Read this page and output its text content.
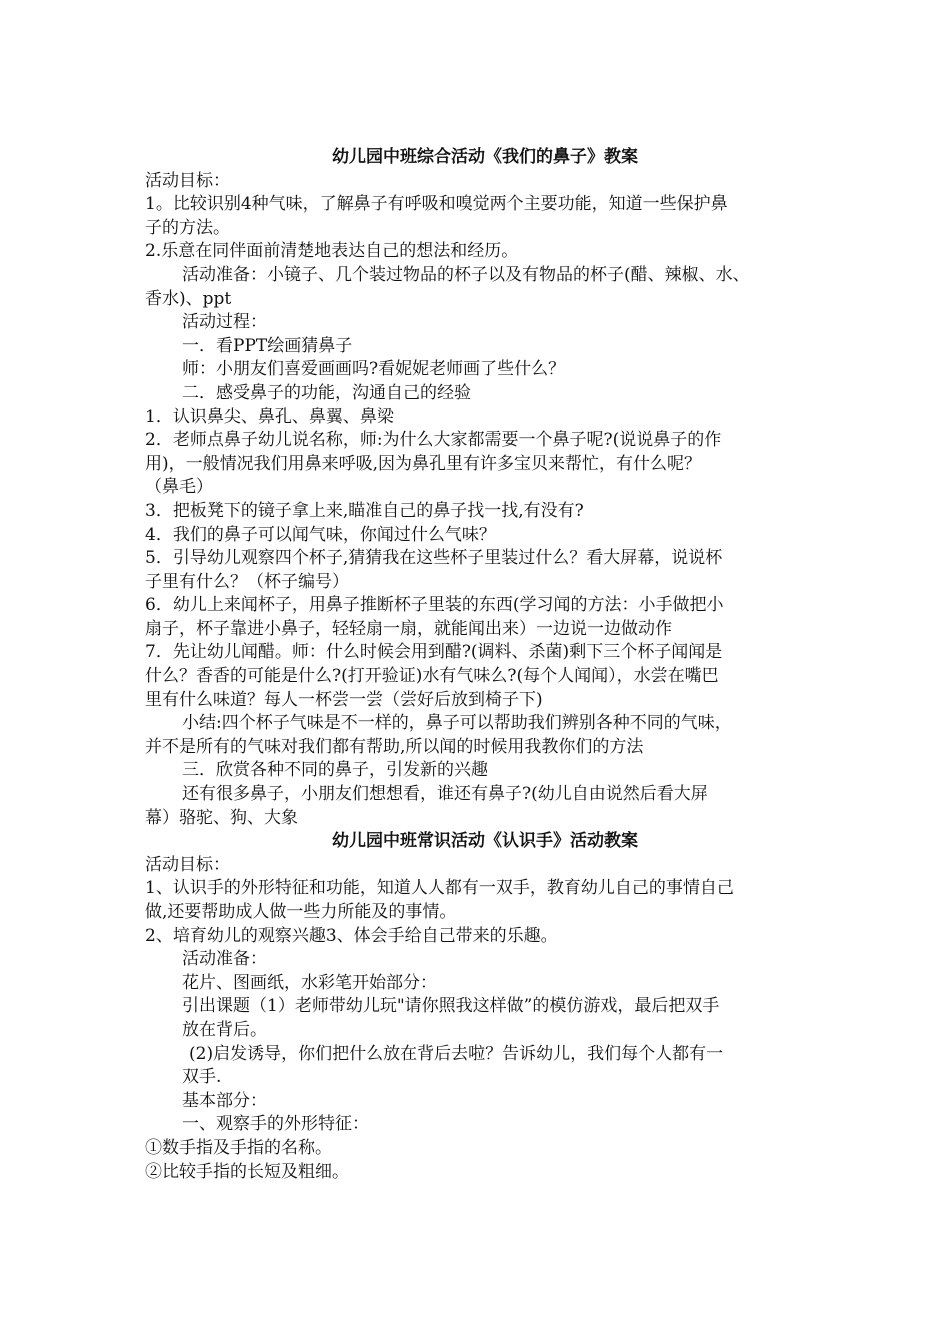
幼儿园中班综合活动《我们的鼻子》教案
活动目标：
1。比较识别4种气味，了解鼻子有呼吸和嗅觉两个主要功能，知道一些保护鼻
子的方法。
2.乐意在同伴面前清楚地表达自己的想法和经历。
活动准备：小镜子、几个装过物品的杯子以及有物品的杯子(醋、辣椒、水、
香水)、ppt
活动过程：
一．看PPT绘画猜鼻子
师：小朋友们喜爱画画吗?看妮妮老师画了些什么？
二．感受鼻子的功能，沟通自己的经验
1．认识鼻尖、鼻孔、鼻翼、鼻梁
2．老师点鼻子幼儿说名称，师:为什么大家都需要一个鼻子呢?(说说鼻子的作
用)，一般情况我们用鼻来呼吸,因为鼻孔里有许多宝贝来帮忙，有什么呢？
（鼻毛）
3．把板凳下的镜子拿上来,瞄准自己的鼻子找一找,有没有?
4．我们的鼻子可以闻气味，你闻过什么气味？
5．引导幼儿观察四个杯子,猜猜我在这些杯子里装过什么？看大屏幕，说说杯
子里有什么？（杯子编号）
6．幼儿上来闻杯子，用鼻子推断杯子里装的东西(学习闻的方法：小手做把小
扇子，杯子靠进小鼻子，轻轻扇一扇，就能闻出来）一边说一边做动作
7．先让幼儿闻醋。师：什么时候会用到醋?(调料、杀菌)剩下三个杯子闻闻是
什么？香香的可能是什么?(打开验证)水有气味么?(每个人闻闻），水尝在嘴巴
里有什么味道？每人一杯尝一尝（尝好后放到椅子下)
小结:四个杯子气味是不一样的，鼻子可以帮助我们辨别各种不同的气味，
并不是所有的气味对我们都有帮助,所以闻的时候用我教你们的方法
三．欣赏各种不同的鼻子，引发新的兴趣
还有很多鼻子，小朋友们想想看，谁还有鼻子?(幼儿自由说然后看大屏
幕）骆驼、狗、大象
幼儿园中班常识活动《认识手》活动教案
活动目标：
1、认识手的外形特征和功能，知道人人都有一双手，教育幼儿自己的事情自己
做,还要帮助成人做一些力所能及的事情。
2、培育幼儿的观察兴趣3、体会手给自己带来的乐趣。
活动准备：
花片、图画纸，水彩笔开始部分：
引出课题（1）老师带幼儿玩"请你照我这样做”的模仿游戏，最后把双手
放在背后。
(2)启发诱导，你们把什么放在背后去啦？告诉幼儿，我们每个人都有一
双手.
基本部分：
一、观察手的外形特征：
①数手指及手指的名称。
②比较手指的长短及粗细。
